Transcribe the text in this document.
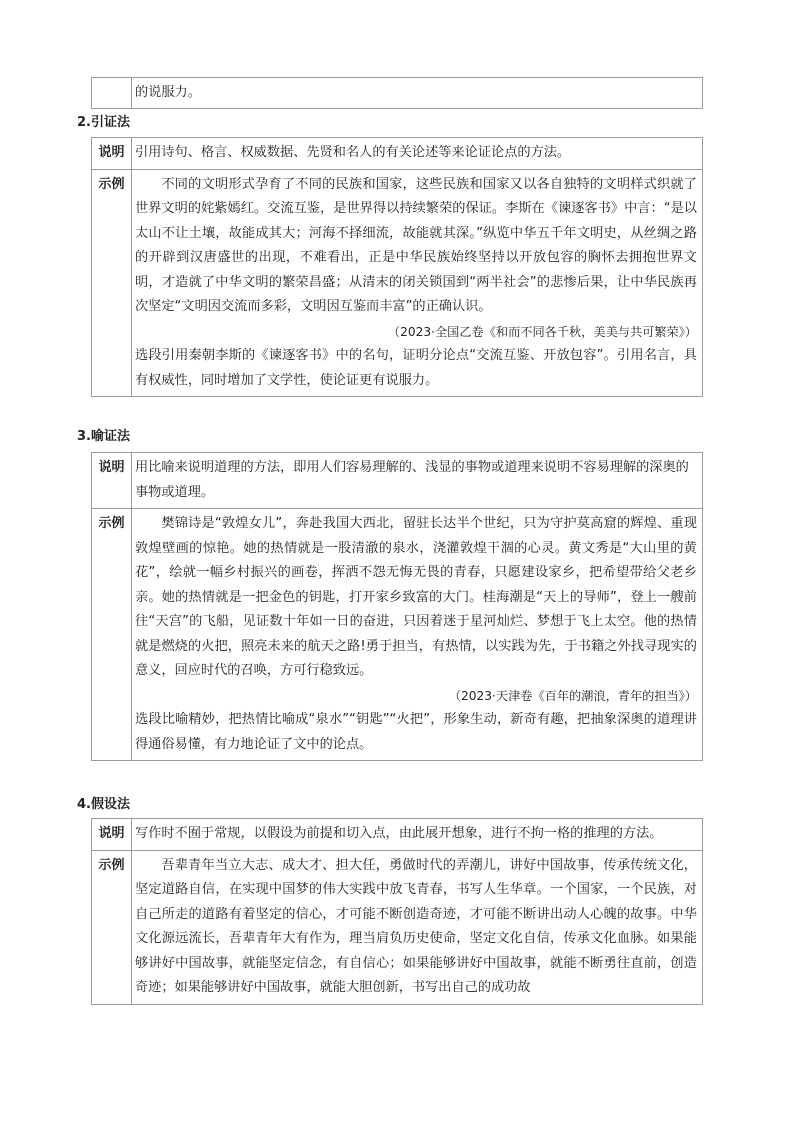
	的说服力。
2.引证法
说明	引用诗句、格言、权威数据、先贤和名人的有关论述等来论证论点的方法。
示例	不同的文明形式孕育了不同的民族和国家，这些民族和国家又以各自独特的文明样式织就了世界文明的姹紫嫣红。交流互鉴，是世界得以持续繁荣的保证。李斯在《谏逐客书》中言：“是以太山不让土壤，故能成其大；河海不择细流，故能就其深。”纵览中华五千年文明史，从丝绸之路的开辟到汉唐盛世的出现，不难看出，正是中华民族始终坚持以开放包容的胸怀去拥抱世界文明，才造就了中华文明的繁荣昌盛；从清末的闭关锁国到“两半社会”的悲惨后果，让中华民族再次坚定“文明因交流而多彩，文明因互鉴而丰富”的正确认识。

（2023·全国乙卷《和而不同各千秋，美美与共可繁荣》）

选段引用秦朝李斯的《谏逐客书》中的名句，证明分论点“交流互鉴、开放包容”。引用名言，具有权威性，同时增加了文学性，使论证更有说服力。

3.喻证法
说明	用比喻来说明道理的方法，即用人们容易理解的、浅显的事物或道理来说明不容易理解的深奥的事物或道理。
示例	樊锦诗是“敦煌女儿”，奔赴我国大西北，留驻长达半个世纪，只为守护莫高窟的辉煌、重现敦煌壁画的惊艳。她的热情就是一股清澈的泉水，浇灌敦煌干涸的心灵。黄文秀是“大山里的黄花”，绘就一幅乡村振兴的画卷，挥洒不怨无悔无畏的青春，只愿建设家乡，把希望带给父老乡亲。她的热情就是一把金色的钥匙，打开家乡致富的大门。桂海潮是“天上的导师”，登上一艘前往“天宫”的飞船，见证数十年如一日的奋进，只因着迷于星河灿烂、梦想于飞上太空。他的热情就是燃烧的火把，照亮未来的航天之路!勇于担当，有热情，以实践为先，于书籍之外找寻现实的意义，回应时代的召唤，方可行稳致远。

（2023·天津卷《百年的潮浪，青年的担当》）

选段比喻精妙，把热情比喻成“泉水”“钥匙”“火把”，形象生动，新奇有趣，把抽象深奥的道理讲得通俗易懂，有力地论证了文中的论点。

4.假设法
说明	写作时不囿于常规，以假设为前提和切入点，由此展开想象，进行不拘一格的推理的方法。
示例	吾辈青年当立大志、成大才、担大任，勇做时代的弄潮儿，讲好中国故事，传承传统文化，坚定道路自信，在实现中国梦的伟大实践中放飞青春，书写人生华章。一个国家，一个民族，对自己所走的道路有着坚定的信心，才可能不断创造奇迹，才可能不断讲出动人心魄的故事。中华文化源远流长，吾辈青年大有作为，理当肩负历史使命，坚定文化自信，传承文化血脉。如果能够讲好中国故事，就能坚定信念，有自信心；如果能够讲好中国故事，就能不断勇往直前，创造奇迹；如果能够讲好中国故事，就能大胆创新，书写出自己的成功故
